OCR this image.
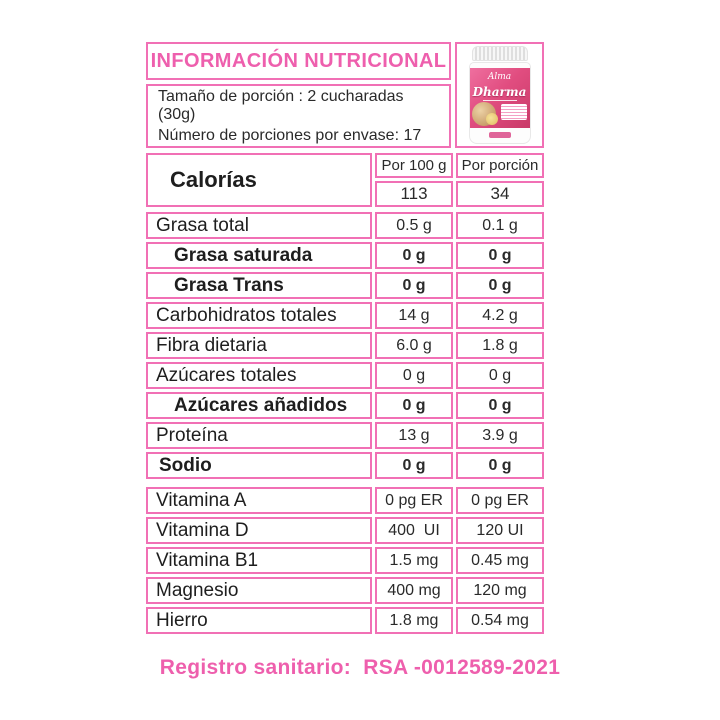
INFORMACIÓN NUTRICIONAL
Tamaño de porción : 2 cucharadas  (30g)
Número de porciones por envase: 17
Alma
Dharma
Calorías
Por 100 g	Por porción
113	34
Grasa total	0.5 g	0.1 g
Grasa saturada	0 g	0 g
Grasa Trans	0 g	0 g
Carbohidratos totales	14 g	4.2 g
Fibra dietaria	6.0 g	1.8 g
Azúcares totales	0 g	0 g
Azúcares añadidos	0 g	0 g
Proteína	13 g	3.9 g
Sodio	0 g	0 g
Vitamina A	0 pg ER	0 pg ER
Vitamina D	400  UI	120 UI
Vitamina B1	1.5 mg	0.45 mg
Magnesio	400 mg	120 mg
Hierro	1.8 mg	0.54 mg
Registro sanitario:  RSA -0012589-2021
